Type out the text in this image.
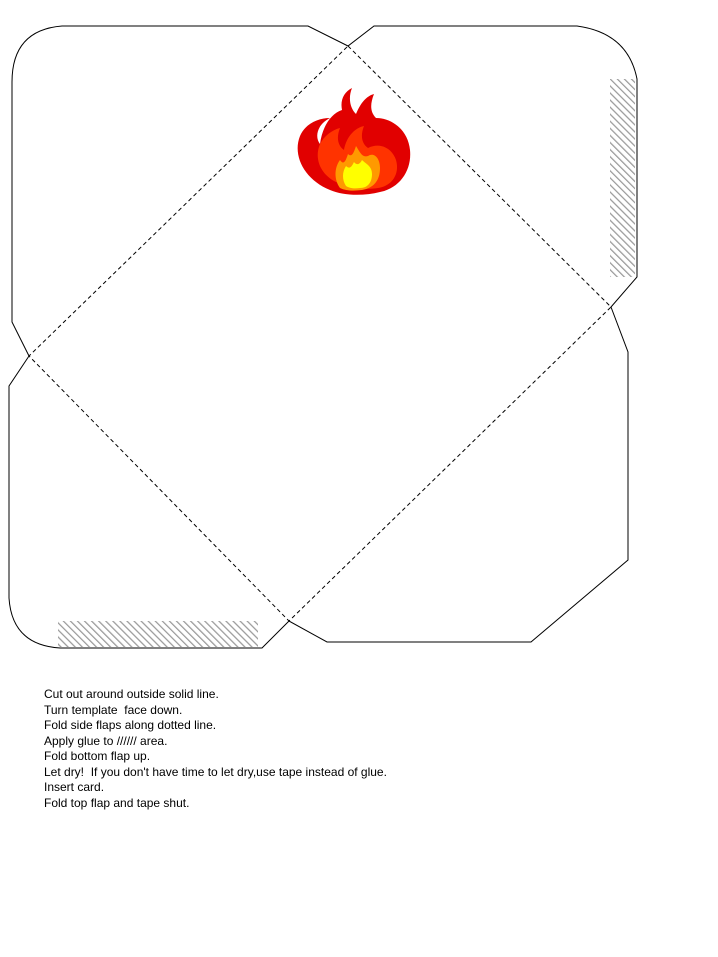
Cut out around outside solid line.
Turn template  face down.
Fold side flaps along dotted line.
Apply glue to ////// area.
Fold bottom flap up.
Let dry!  If you don't have time to let dry,use tape instead of glue.
Insert card.
Fold top flap and tape shut.
